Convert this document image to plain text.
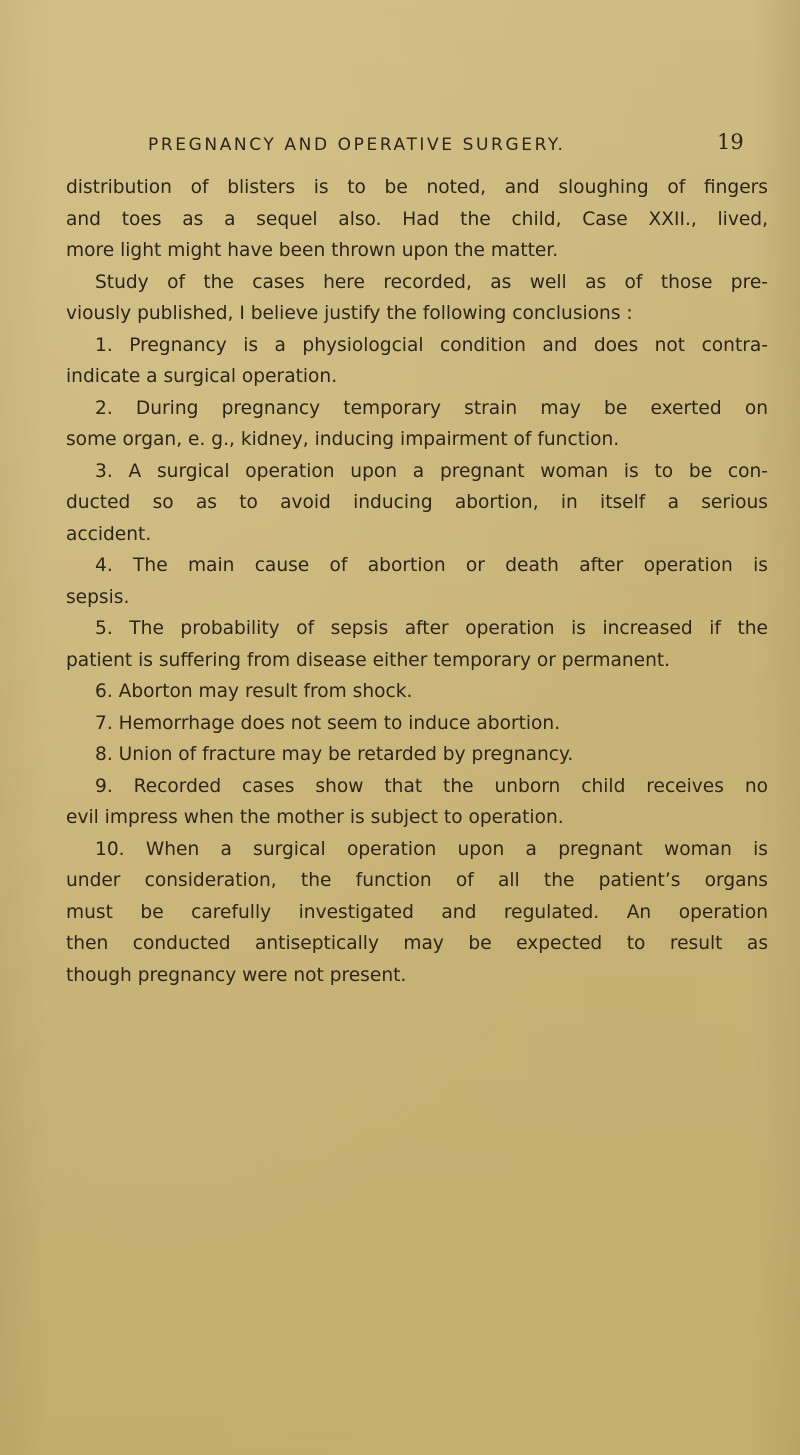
PREGNANCY AND OPERATIVE SURGERY.	19
distribution of blisters is to be noted, and sloughing of fingers
and toes as a sequel also. Had the child, Case XXII., lived,
more light might have been thrown upon the matter.
Study of the cases here recorded, as well as of those pre-
viously published, I believe justify the following conclusions :
1. Pregnancy is a physiologcial condition and does not contra-
indicate a surgical operation.
2. During pregnancy temporary strain may be exerted on
some organ, e. g., kidney, inducing impairment of function.
3. A surgical operation upon a pregnant woman is to be con-
ducted so as to avoid inducing abortion, in itself a serious
accident.
4. The main cause of abortion or death after operation is
sepsis.
5. The probability of sepsis after operation is increased if the
patient is suffering from disease either temporary or permanent.
6. Aborton may result from shock.
7. Hemorrhage does not seem to induce abortion.
8. Union of fracture may be retarded by pregnancy.
9. Recorded cases show that the unborn child receives no
evil impress when the mother is subject to operation.
10. When a surgical operation upon a pregnant woman is
under consideration, the function of all the patient’s organs
must be carefully investigated and regulated. An operation
then conducted antiseptically may be expected to result as
though pregnancy were not present.
